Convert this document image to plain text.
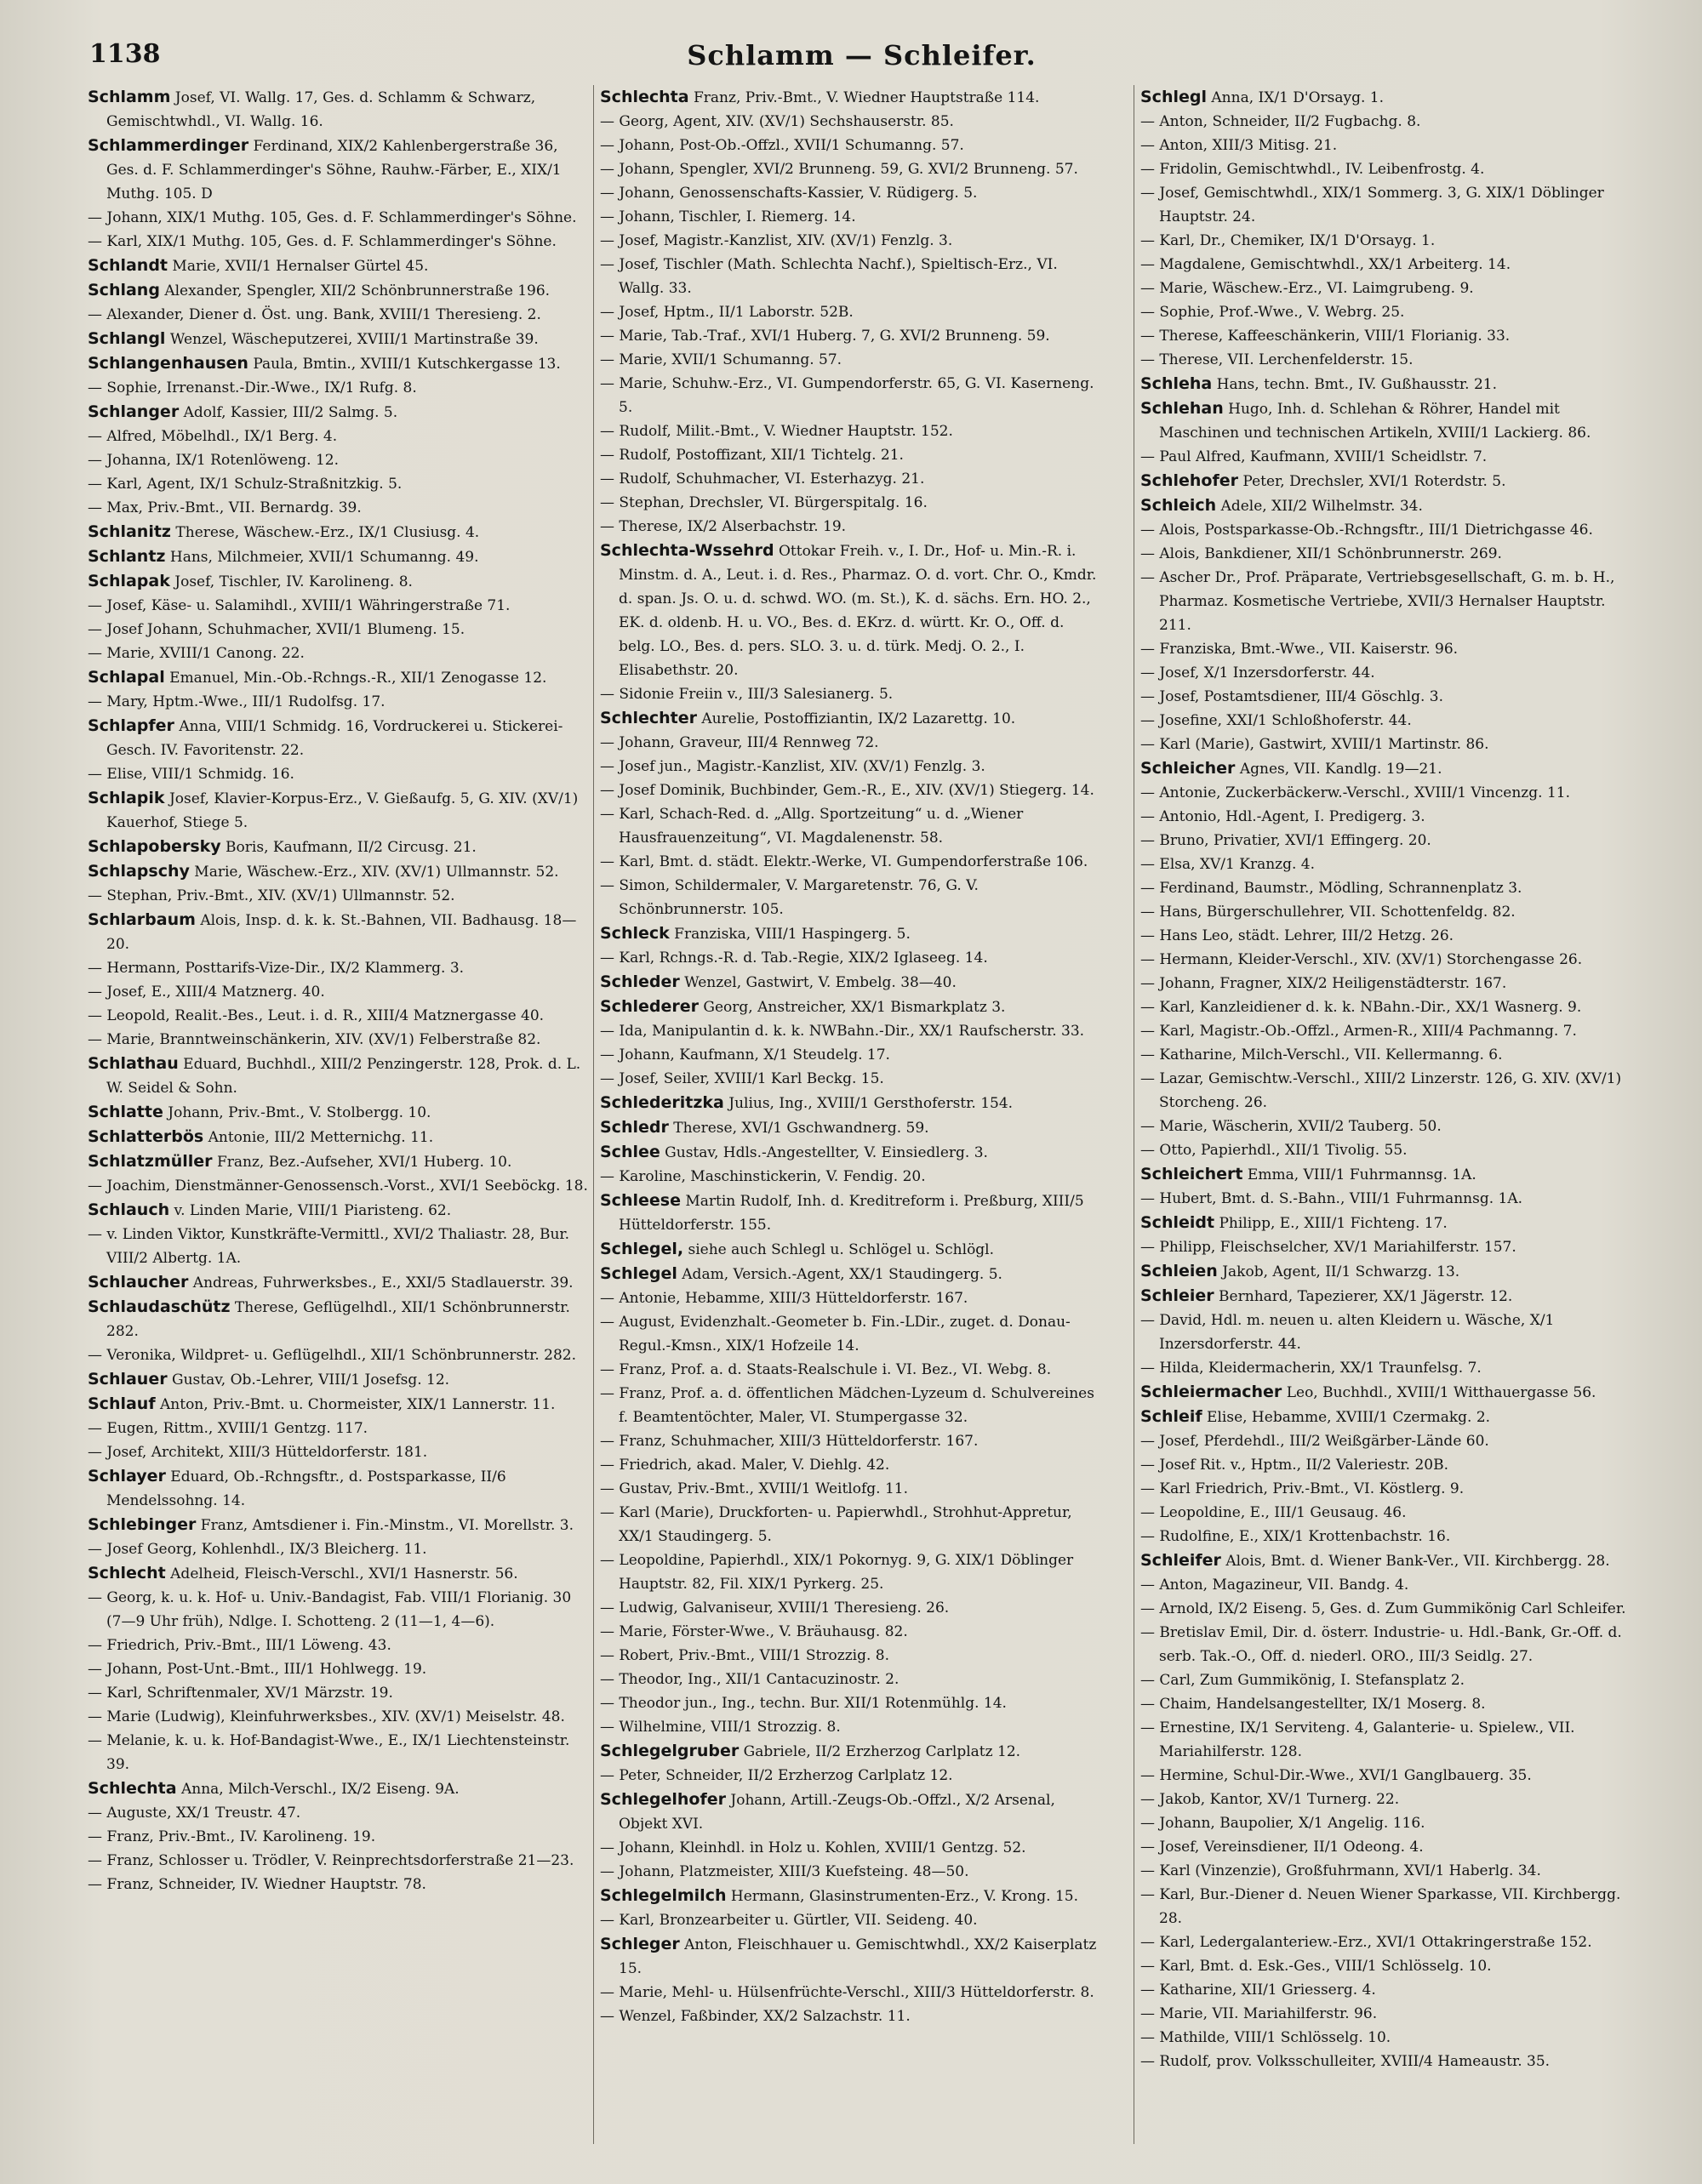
1138	Schlamm — Schleifer.
Schlamm Josef, VI. Wallg. 17, Ges. d. Schlamm & Schwarz, Gemischtwhdl., VI. Wallg. 16.
Schlammerdinger Ferdinand, XIX/2 Kahlenbergerstraße 36, Ges. d. F. Schlammerdinger's Söhne, Rauhw.-Färber, E., XIX/1 Muthg. 105. D
— Johann, XIX/1 Muthg. 105, Ges. d. F. Schlammerdinger's Söhne.
— Karl, XIX/1 Muthg. 105, Ges. d. F. Schlammerdinger's Söhne.
Schlandt Marie, XVII/1 Hernalser Gürtel 45.
Schlang Alexander, Spengler, XII/2 Schönbrunnerstraße 196.
— Alexander, Diener d. Öst. ung. Bank, XVIII/1 Theresieng. 2.
Schlangl Wenzel, Wäscheputzerei, XVIII/1 Martinstraße 39.
Schlangenhausen Paula, Bmtin., XVIII/1 Kutschkergasse 13.
— Sophie, Irrenanst.-Dir.-Wwe., IX/1 Rufg. 8.
Schlanger Adolf, Kassier, III/2 Salmg. 5.
— Alfred, Möbelhdl., IX/1 Berg. 4.
— Johanna, IX/1 Rotenlöweng. 12.
— Karl, Agent, IX/1 Schulz-Straßnitzkig. 5.
— Max, Priv.-Bmt., VII. Bernardg. 39.
Schlanitz Therese, Wäschew.-Erz., IX/1 Clusiusg. 4.
Schlantz Hans, Milchmeier, XVII/1 Schumanng. 49.
Schlapak Josef, Tischler, IV. Karolineng. 8.
— Josef, Käse- u. Salamihdl., XVIII/1 Währingerstraße 71.
— Josef Johann, Schuhmacher, XVII/1 Blumeng. 15.
— Marie, XVIII/1 Canong. 22.
Schlapal Emanuel, Min.-Ob.-Rchngs.-R., XII/1 Zenogasse 12.
— Mary, Hptm.-Wwe., III/1 Rudolfsg. 17.
Schlapfer Anna, VIII/1 Schmidg. 16, Vordruckerei u. Stickerei-Gesch. IV. Favoritenstr. 22.
— Elise, VIII/1 Schmidg. 16.
Schlapik Josef, Klavier-Korpus-Erz., V. Gießaufg. 5, G. XIV. (XV/1) Kauerhof, Stiege 5.
Schlapobersky Boris, Kaufmann, II/2 Circusg. 21.
Schlapschy Marie, Wäschew.-Erz., XIV. (XV/1) Ullmannstr. 52.
— Stephan, Priv.-Bmt., XIV. (XV/1) Ullmannstr. 52.
Schlarbaum Alois, Insp. d. k. k. St.-Bahnen, VII. Badhausg. 18—20.
— Hermann, Posttarifs-Vize-Dir., IX/2 Klammerg. 3.
— Josef, E., XIII/4 Matznerg. 40.
— Leopold, Realit.-Bes., Leut. i. d. R., XIII/4 Matznergasse 40.
— Marie, Branntweinschänkerin, XIV. (XV/1) Felberstraße 82.
Schlathau Eduard, Buchhdl., XIII/2 Penzingerstr. 128, Prok. d. L. W. Seidel & Sohn.
Schlatte Johann, Priv.-Bmt., V. Stolbergg. 10.
Schlatterbös Antonie, III/2 Metternichg. 11.
Schlatzmüller Franz, Bez.-Aufseher, XVI/1 Huberg. 10.
— Joachim, Dienstmänner-Genossensch.-Vorst., XVI/1 Seeböckg. 18.
Schlauch v. Linden Marie, VIII/1 Piaristeng. 62.
— v. Linden Viktor, Kunstkräfte-Vermittl., XVI/2 Thaliastr. 28, Bur. VIII/2 Albertg. 1A.
Schlaucher Andreas, Fuhrwerksbes., E., XXI/5 Stadlauerstr. 39.
Schlaudaschütz Therese, Geflügelhdl., XII/1 Schönbrunnerstr. 282.
— Veronika, Wildpret- u. Geflügelhdl., XII/1 Schönbrunnerstr. 282.
Schlauer Gustav, Ob.-Lehrer, VIII/1 Josefsg. 12.
Schlauf Anton, Priv.-Bmt. u. Chormeister, XIX/1 Lannerstr. 11.
— Eugen, Rittm., XVIII/1 Gentzg. 117.
— Josef, Architekt, XIII/3 Hütteldorferstr. 181.
Schlayer Eduard, Ob.-Rchngsftr., d. Postsparkasse, II/6 Mendelssohng. 14.
Schlebinger Franz, Amtsdiener i. Fin.-Minstm., VI. Morellstr. 3.
— Josef Georg, Kohlenhdl., IX/3 Bleicherg. 11.
Schlecht Adelheid, Fleisch-Verschl., XVI/1 Hasnerstr. 56.
— Georg, k. u. k. Hof- u. Univ.-Bandagist, Fab. VIII/1 Florianig. 30 (7—9 Uhr früh), Ndlge. I. Schotteng. 2 (11—1, 4—6).
— Friedrich, Priv.-Bmt., III/1 Löweng. 43.
— Johann, Post-Unt.-Bmt., III/1 Hohlwegg. 19.
— Karl, Schriftenmaler, XV/1 Märzstr. 19.
— Marie (Ludwig), Kleinfuhrwerksbes., XIV. (XV/1) Meiselstr. 48.
— Melanie, k. u. k. Hof-Bandagist-Wwe., E., IX/1 Liechtensteinstr. 39.
Schlechta Anna, Milch-Verschl., IX/2 Eiseng. 9A.
— Auguste, XX/1 Treustr. 47.
— Franz, Priv.-Bmt., IV. Karolineng. 19.
— Franz, Schlosser u. Trödler, V. Reinprechtsdorferstraße 21—23.
— Franz, Schneider, IV. Wiedner Hauptstr. 78.
Schlechta Franz, Priv.-Bmt., V. Wiedner Hauptstraße 114.
— Georg, Agent, XIV. (XV/1) Sechshauserstr. 85.
— Johann, Post-Ob.-Offzl., XVII/1 Schumanng. 57.
— Johann, Spengler, XVI/2 Brunneng. 59, G. XVI/2 Brunneng. 57.
— Johann, Genossenschafts-Kassier, V. Rüdigerg. 5.
— Johann, Tischler, I. Riemerg. 14.
— Josef, Magistr.-Kanzlist, XIV. (XV/1) Fenzlg. 3.
— Josef, Tischler (Math. Schlechta Nachf.), Spieltisch-Erz., VI. Wallg. 33.
— Josef, Hptm., II/1 Laborstr. 52B.
— Marie, Tab.-Traf., XVI/1 Huberg. 7, G. XVI/2 Brunneng. 59.
— Marie, XVII/1 Schumanng. 57.
— Marie, Schuhw.-Erz., VI. Gumpendorferstr. 65, G. VI. Kaserneng. 5.
— Rudolf, Milit.-Bmt., V. Wiedner Hauptstr. 152.
— Rudolf, Postoffizant, XII/1 Tichtelg. 21.
— Rudolf, Schuhmacher, VI. Esterhazyg. 21.
— Stephan, Drechsler, VI. Bürgerspitalg. 16.
— Therese, IX/2 Alserbachstr. 19.
Schlechta-Wssehrd Ottokar Freih. v., I. Dr., Hof- u. Min.-R. i. Minstm. d. A., Leut. i. d. Res., Pharmaz. O. d. vort. Chr. O., Kmdr. d. span. Js. O. u. d. schwd. WO. (m. St.), K. d. sächs. Ern. HO. 2., EK. d. oldenb. H. u. VO., Bes. d. EKrz. d. württ. Kr. O., Off. d. belg. LO., Bes. d. pers. SLO. 3. u. d. türk. Medj. O. 2., I. Elisabethstr. 20.
— Sidonie Freiin v., III/3 Salesianerg. 5.
Schlechter Aurelie, Postoffiziantin, IX/2 Lazarettg. 10.
— Johann, Graveur, III/4 Rennweg 72.
— Josef jun., Magistr.-Kanzlist, XIV. (XV/1) Fenzlg. 3.
— Josef Dominik, Buchbinder, Gem.-R., E., XIV. (XV/1) Stiegerg. 14.
— Karl, Schach-Red. d. „Allg. Sportzeitung“ u. d. „Wiener Hausfrauenzeitung“, VI. Magdalenenstr. 58.
— Karl, Bmt. d. städt. Elektr.-Werke, VI. Gumpendorferstraße 106.
— Simon, Schildermaler, V. Margaretenstr. 76, G. V. Schönbrunnerstr. 105.
Schleck Franziska, VIII/1 Haspingerg. 5.
— Karl, Rchngs.-R. d. Tab.-Regie, XIX/2 Iglaseeg. 14.
Schleder Wenzel, Gastwirt, V. Embelg. 38—40.
Schlederer Georg, Anstreicher, XX/1 Bismarkplatz 3.
— Ida, Manipulantin d. k. k. NWBahn.-Dir., XX/1 Raufscherstr. 33.
— Johann, Kaufmann, X/1 Steudelg. 17.
— Josef, Seiler, XVIII/1 Karl Beckg. 15.
Schlederitzka Julius, Ing., XVIII/1 Gersthoferstr. 154.
Schledr Therese, XVI/1 Gschwandnerg. 59.
Schlee Gustav, Hdls.-Angestellter, V. Einsiedlerg. 3.
— Karoline, Maschinstickerin, V. Fendig. 20.
Schleese Martin Rudolf, Inh. d. Kreditreform i. Preßburg, XIII/5 Hütteldorferstr. 155.
Schlegel, siehe auch Schlegl u. Schlögel u. Schlögl.
Schlegel Adam, Versich.-Agent, XX/1 Staudingerg. 5.
— Antonie, Hebamme, XIII/3 Hütteldorferstr. 167.
— August, Evidenzhalt.-Geometer b. Fin.-LDir., zuget. d. Donau-Regul.-Kmsn., XIX/1 Hofzeile 14.
— Franz, Prof. a. d. Staats-Realschule i. VI. Bez., VI. Webg. 8.
— Franz, Prof. a. d. öffentlichen Mädchen-Lyzeum d. Schulvereines f. Beamtentöchter, Maler, VI. Stumpergasse 32.
— Franz, Schuhmacher, XIII/3 Hütteldorferstr. 167.
— Friedrich, akad. Maler, V. Diehlg. 42.
— Gustav, Priv.-Bmt., XVIII/1 Weitlofg. 11.
— Karl (Marie), Druckforten- u. Papierwhdl., Strohhut-Appretur, XX/1 Staudingerg. 5.
— Leopoldine, Papierhdl., XIX/1 Pokornyg. 9, G. XIX/1 Döblinger Hauptstr. 82, Fil. XIX/1 Pyrkerg. 25.
— Ludwig, Galvaniseur, XVIII/1 Theresieng. 26.
— Marie, Förster-Wwe., V. Bräuhausg. 82.
— Robert, Priv.-Bmt., VIII/1 Strozzig. 8.
— Theodor, Ing., XII/1 Cantacuzinostr. 2.
— Theodor jun., Ing., techn. Bur. XII/1 Rotenmühlg. 14.
— Wilhelmine, VIII/1 Strozzig. 8.
Schlegelgruber Gabriele, II/2 Erzherzog Carlplatz 12.
— Peter, Schneider, II/2 Erzherzog Carlplatz 12.
Schlegelhofer Johann, Artill.-Zeugs-Ob.-Offzl., X/2 Arsenal, Objekt XVI.
— Johann, Kleinhdl. in Holz u. Kohlen, XVIII/1 Gentzg. 52.
— Johann, Platzmeister, XIII/3 Kuefsteing. 48—50.
Schlegelmilch Hermann, Glasinstrumenten-Erz., V. Krong. 15.
— Karl, Bronzearbeiter u. Gürtler, VII. Seideng. 40.
Schleger Anton, Fleischhauer u. Gemischtwhdl., XX/2 Kaiserplatz 15.
— Marie, Mehl- u. Hülsenfrüchte-Verschl., XIII/3 Hütteldorferstr. 8.
— Wenzel, Faßbinder, XX/2 Salzachstr. 11.
Schlegl Anna, IX/1 D'Orsayg. 1.
— Anton, Schneider, II/2 Fugbachg. 8.
— Anton, XIII/3 Mitisg. 21.
— Fridolin, Gemischtwhdl., IV. Leibenfrostg. 4.
— Josef, Gemischtwhdl., XIX/1 Sommerg. 3, G. XIX/1 Döblinger Hauptstr. 24.
— Karl, Dr., Chemiker, IX/1 D'Orsayg. 1.
— Magdalene, Gemischtwhdl., XX/1 Arbeiterg. 14.
— Marie, Wäschew.-Erz., VI. Laimgrubeng. 9.
— Sophie, Prof.-Wwe., V. Webrg. 25.
— Therese, Kaffeeschänkerin, VIII/1 Florianig. 33.
— Therese, VII. Lerchenfelderstr. 15.
Schleha Hans, techn. Bmt., IV. Gußhausstr. 21.
Schlehan Hugo, Inh. d. Schlehan & Röhrer, Handel mit Maschinen und technischen Artikeln, XVIII/1 Lackierg. 86.
— Paul Alfred, Kaufmann, XVIII/1 Scheidlstr. 7.
Schlehofer Peter, Drechsler, XVI/1 Roterdstr. 5.
Schleich Adele, XII/2 Wilhelmstr. 34.
— Alois, Postsparkasse-Ob.-Rchngsftr., III/1 Dietrichgasse 46.
— Alois, Bankdiener, XII/1 Schönbrunnerstr. 269.
— Ascher Dr., Prof. Präparate, Vertriebsgesellschaft, G. m. b. H., Pharmaz. Kosmetische Vertriebe, XVII/3 Hernalser Hauptstr. 211.
— Franziska, Bmt.-Wwe., VII. Kaiserstr. 96.
— Josef, X/1 Inzersdorferstr. 44.
— Josef, Postamtsdiener, III/4 Göschlg. 3.
— Josefine, XXI/1 Schloßhoferstr. 44.
— Karl (Marie), Gastwirt, XVIII/1 Martinstr. 86.
Schleicher Agnes, VII. Kandlg. 19—21.
— Antonie, Zuckerbäckerw.-Verschl., XVIII/1 Vincenzg. 11.
— Antonio, Hdl.-Agent, I. Predigerg. 3.
— Bruno, Privatier, XVI/1 Effingerg. 20.
— Elsa, XV/1 Kranzg. 4.
— Ferdinand, Baumstr., Mödling, Schrannenplatz 3.
— Hans, Bürgerschullehrer, VII. Schottenfeldg. 82.
— Hans Leo, städt. Lehrer, III/2 Hetzg. 26.
— Hermann, Kleider-Verschl., XIV. (XV/1) Storchengasse 26.
— Johann, Fragner, XIX/2 Heiligenstädterstr. 167.
— Karl, Kanzleidiener d. k. k. NBahn.-Dir., XX/1 Wasnerg. 9.
— Karl, Magistr.-Ob.-Offzl., Armen-R., XIII/4 Pachmanng. 7.
— Katharine, Milch-Verschl., VII. Kellermanng. 6.
— Lazar, Gemischtw.-Verschl., XIII/2 Linzerstr. 126, G. XIV. (XV/1) Storcheng. 26.
— Marie, Wäscherin, XVII/2 Tauberg. 50.
— Otto, Papierhdl., XII/1 Tivolig. 55.
Schleichert Emma, VIII/1 Fuhrmannsg. 1A.
— Hubert, Bmt. d. S.-Bahn., VIII/1 Fuhrmannsg. 1A.
Schleidt Philipp, E., XIII/1 Fichteng. 17.
— Philipp, Fleischselcher, XV/1 Mariahilferstr. 157.
Schleien Jakob, Agent, II/1 Schwarzg. 13.
Schleier Bernhard, Tapezierer, XX/1 Jägerstr. 12.
— David, Hdl. m. neuen u. alten Kleidern u. Wäsche, X/1 Inzersdorferstr. 44.
— Hilda, Kleidermacherin, XX/1 Traunfelsg. 7.
Schleiermacher Leo, Buchhdl., XVIII/1 Witthauergasse 56.
Schleif Elise, Hebamme, XVIII/1 Czermakg. 2.
— Josef, Pferdehdl., III/2 Weißgärber-Lände 60.
— Josef Rit. v., Hptm., II/2 Valeriestr. 20B.
— Karl Friedrich, Priv.-Bmt., VI. Köstlerg. 9.
— Leopoldine, E., III/1 Geusaug. 46.
— Rudolfine, E., XIX/1 Krottenbachstr. 16.
Schleifer Alois, Bmt. d. Wiener Bank-Ver., VII. Kirchbergg. 28.
— Anton, Magazineur, VII. Bandg. 4.
— Arnold, IX/2 Eiseng. 5, Ges. d. Zum Gummikönig Carl Schleifer.
— Bretislav Emil, Dir. d. österr. Industrie- u. Hdl.-Bank, Gr.-Off. d. serb. Tak.-O., Off. d. niederl. ORO., III/3 Seidlg. 27.
— Carl, Zum Gummikönig, I. Stefansplatz 2.
— Chaim, Handelsangestellter, IX/1 Moserg. 8.
— Ernestine, IX/1 Serviteng. 4, Galanterie- u. Spielew., VII. Mariahilferstr. 128.
— Hermine, Schul-Dir.-Wwe., XVI/1 Ganglbauerg. 35.
— Jakob, Kantor, XV/1 Turnerg. 22.
— Johann, Baupolier, X/1 Angelig. 116.
— Josef, Vereinsdiener, II/1 Odeong. 4.
— Karl (Vinzenzie), Großfuhrmann, XVI/1 Haberlg. 34.
— Karl, Bur.-Diener d. Neuen Wiener Sparkasse, VII. Kirchbergg. 28.
— Karl, Ledergalanteriew.-Erz., XVI/1 Ottakringerstraße 152.
— Karl, Bmt. d. Esk.-Ges., VIII/1 Schlösselg. 10.
— Katharine, XII/1 Griesserg. 4.
— Marie, VII. Mariahilferstr. 96.
— Mathilde, VIII/1 Schlösselg. 10.
— Rudolf, prov. Volksschulleiter, XVIII/4 Hameaustr. 35.
